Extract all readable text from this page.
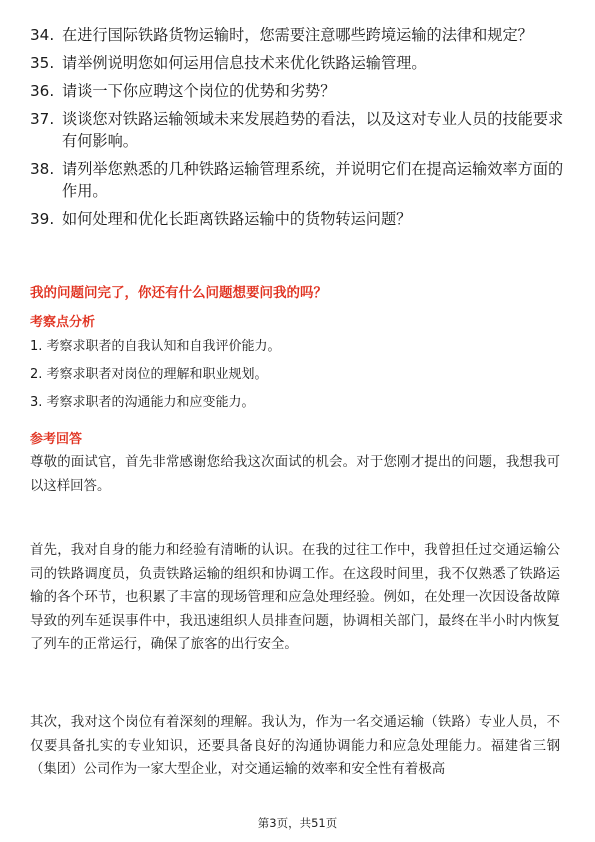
34. 在进行国际铁路货物运输时，您需要注意哪些跨境运输的法律和规定？
35. 请举例说明您如何运用信息技术来优化铁路运输管理。
36. 请谈一下你应聘这个岗位的优势和劣势？
37. 谈谈您对铁路运输领域未来发展趋势的看法，以及这对专业人员的技能要求有何影响。
38. 请列举您熟悉的几种铁路运输管理系统，并说明它们在提高运输效率方面的作用。
39. 如何处理和优化长距离铁路运输中的货物转运问题？
我的问题问完了，你还有什么问题想要问我的吗？
考察点分析
1. 考察求职者的自我认知和自我评价能力。
2. 考察求职者对岗位的理解和职业规划。
3. 考察求职者的沟通能力和应变能力。
参考回答
尊敬的面试官，首先非常感谢您给我这次面试的机会。对于您刚才提出的问题，我想我可以这样回答。
首先，我对自身的能力和经验有清晰的认识。在我的过往工作中，我曾担任过交通运输公司的铁路调度员，负责铁路运输的组织和协调工作。在这段时间里，我不仅熟悉了铁路运输的各个环节，也积累了丰富的现场管理和应急处理经验。例如，在处理一次因设备故障导致的列车延误事件中，我迅速组织人员排查问题，协调相关部门，最终在半小时内恢复了列车的正常运行，确保了旅客的出行安全。
其次，我对这个岗位有着深刻的理解。我认为，作为一名交通运输（铁路）专业人员，不仅要具备扎实的专业知识，还要具备良好的沟通协调能力和应急处理能力。福建省三钢（集团）公司作为一家大型企业，对交通运输的效率和安全性有着极高
第3页，共51页
